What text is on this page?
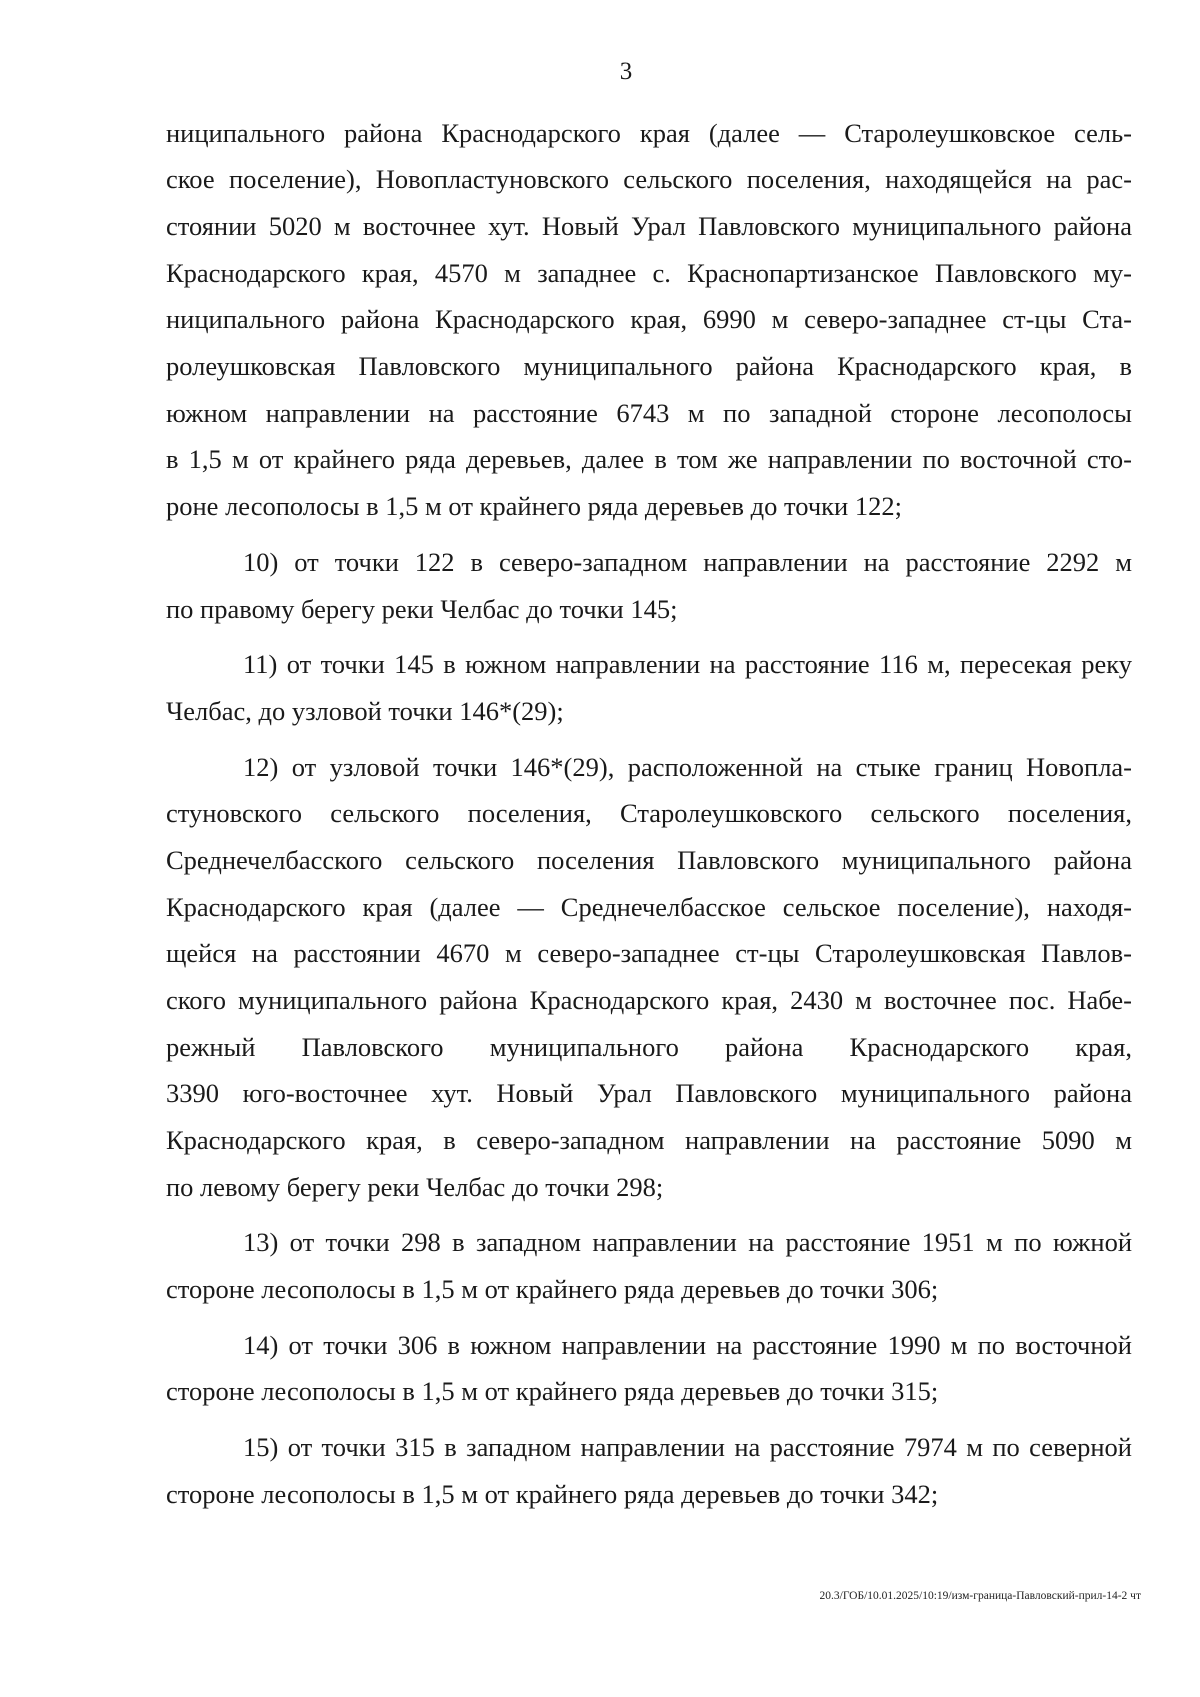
3
ниципального района Краснодарского края (далее — Старолеушковское сель-
ское поселение), Новопластуновского сельского поселения, находящейся на рас-
стоянии 5020 м восточнее хут. Новый Урал Павловского муниципального района
Краснодарского края, 4570 м западнее с. Краснопартизанское Павловского му-
ниципального района Краснодарского края, 6990 м северо-западнее ст-цы Ста-
ролеушковская Павловского муниципального района Краснодарского края, в
южном направлении на расстояние 6743 м по западной стороне лесополосы
в 1,5 м от крайнего ряда деревьев, далее в том же направлении по восточной сто-
роне лесополосы в 1,5 м от крайнего ряда деревьев до точки 122;
10) от точки 122 в северо-западном направлении на расстояние 2292 м
по правому берегу реки Челбас до точки 145;
11) от точки 145 в южном направлении на расстояние 116 м, пересекая реку
Челбас, до узловой точки 146*(29);
12) от узловой точки 146*(29), расположенной на стыке границ Новопла-
стуновского сельского поселения, Старолеушковского сельского поселения,
Среднечелбасского сельского поселения Павловского муниципального района
Краснодарского края (далее — Среднечелбасское сельское поселение), находя-
щейся на расстоянии 4670 м северо-западнее ст-цы Старолеушковская Павлов-
ского муниципального района Краснодарского края, 2430 м восточнее пос. Набе-
режный Павловского муниципального района Краснодарского края,
3390 юго-восточнее хут. Новый Урал Павловского муниципального района
Краснодарского края, в северо-западном направлении на расстояние 5090 м
по левому берегу реки Челбас до точки 298;
13) от точки 298 в западном направлении на расстояние 1951 м по южной
стороне лесополосы в 1,5 м от крайнего ряда деревьев до точки 306;
14) от точки 306 в южном направлении на расстояние 1990 м по восточной
стороне лесополосы в 1,5 м от крайнего ряда деревьев до точки 315;
15) от точки 315 в западном направлении на расстояние 7974 м по северной
стороне лесополосы в 1,5 м от крайнего ряда деревьев до точки 342;
20.3/ГОБ/10.01.2025/10:19/изм-граница-Павловский-прил-14-2 чт
